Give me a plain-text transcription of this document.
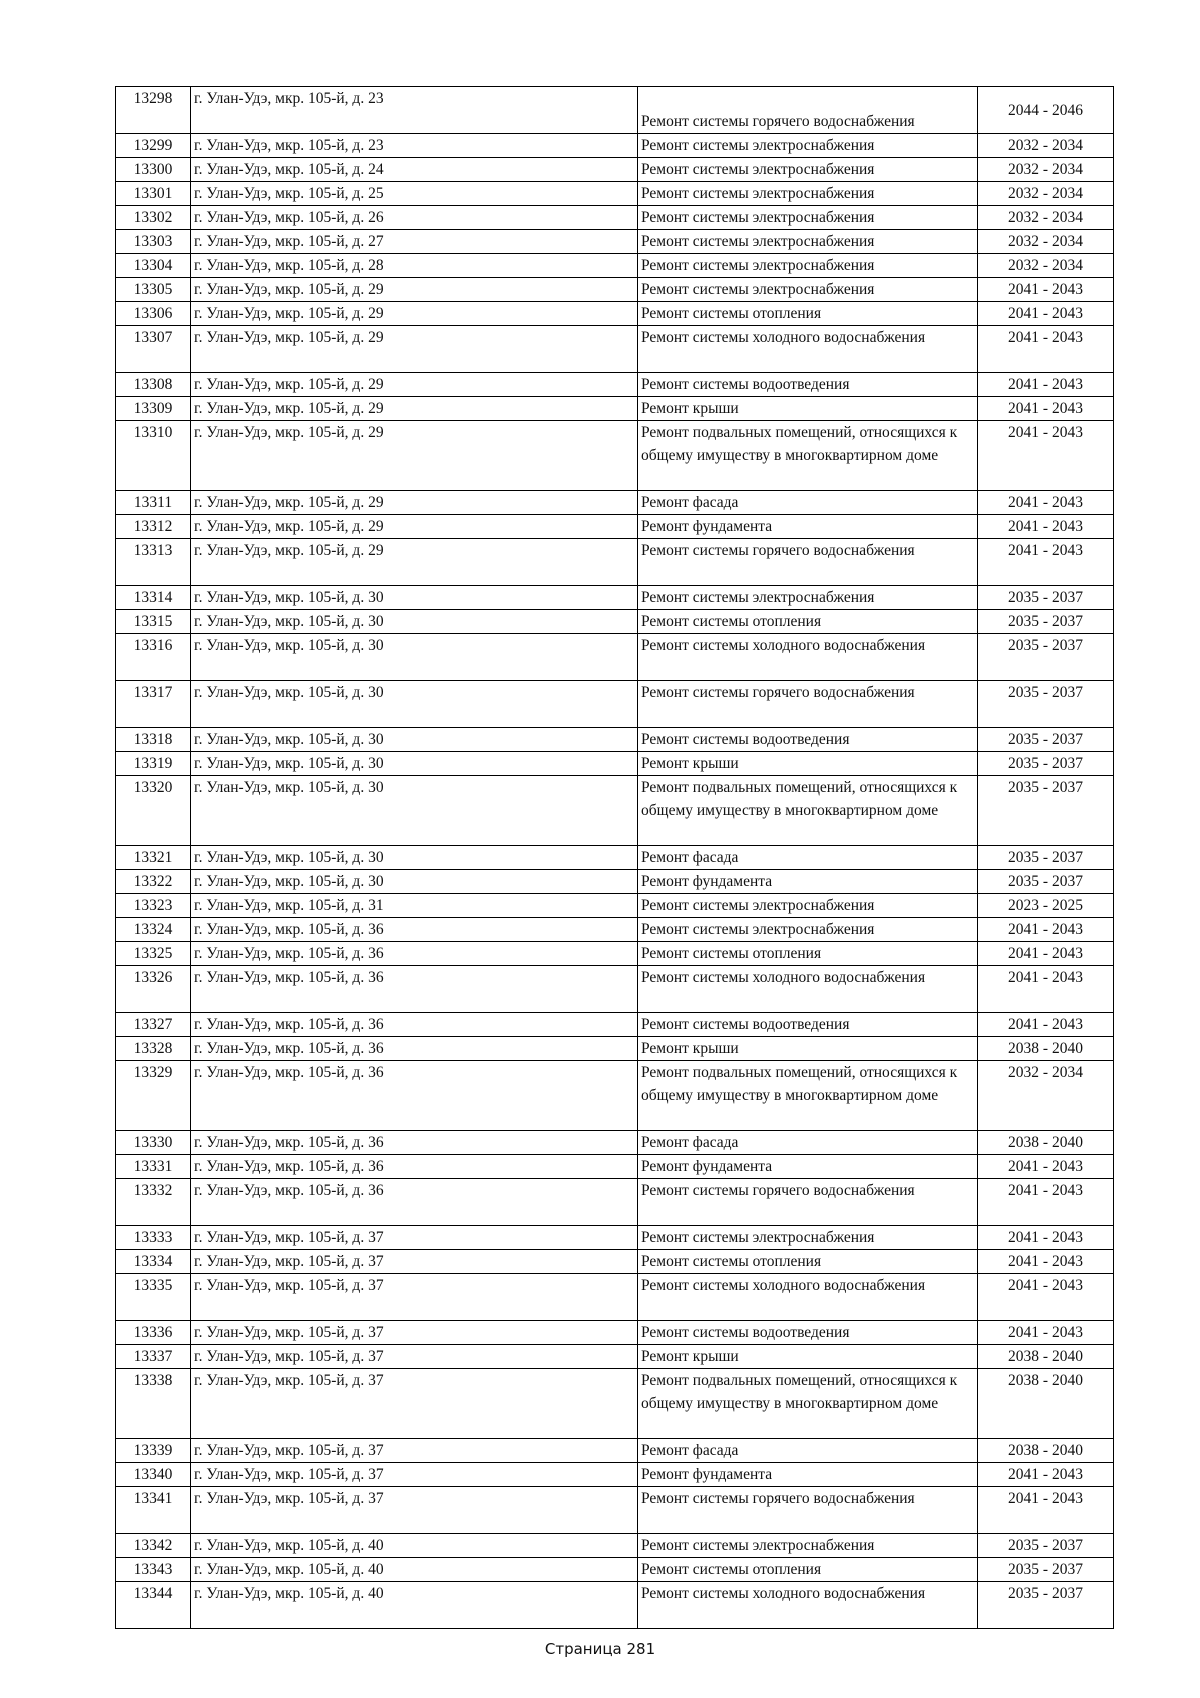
13298	г. Улан-Удэ, мкр. 105-й, д. 23	Ремонт системы горячего водоснабжения	2044 - 2046
13299	г. Улан-Удэ, мкр. 105-й, д. 23	Ремонт системы электроснабжения	2032 - 2034
13300	г. Улан-Удэ, мкр. 105-й, д. 24	Ремонт системы электроснабжения	2032 - 2034
13301	г. Улан-Удэ, мкр. 105-й, д. 25	Ремонт системы электроснабжения	2032 - 2034
13302	г. Улан-Удэ, мкр. 105-й, д. 26	Ремонт системы электроснабжения	2032 - 2034
13303	г. Улан-Удэ, мкр. 105-й, д. 27	Ремонт системы электроснабжения	2032 - 2034
13304	г. Улан-Удэ, мкр. 105-й, д. 28	Ремонт системы электроснабжения	2032 - 2034
13305	г. Улан-Удэ, мкр. 105-й, д. 29	Ремонт системы электроснабжения	2041 - 2043
13306	г. Улан-Удэ, мкр. 105-й, д. 29	Ремонт системы отопления	2041 - 2043
13307	г. Улан-Удэ, мкр. 105-й, д. 29	Ремонт системы холодного водоснабжения	2041 - 2043
13308	г. Улан-Удэ, мкр. 105-й, д. 29	Ремонт системы водоотведения	2041 - 2043
13309	г. Улан-Удэ, мкр. 105-й, д. 29	Ремонт крыши	2041 - 2043
13310	г. Улан-Удэ, мкр. 105-й, д. 29	Ремонт подвальных помещений, относящихся к общему имуществу в многоквартирном доме	2041 - 2043
13311	г. Улан-Удэ, мкр. 105-й, д. 29	Ремонт фасада	2041 - 2043
13312	г. Улан-Удэ, мкр. 105-й, д. 29	Ремонт фундамента	2041 - 2043
13313	г. Улан-Удэ, мкр. 105-й, д. 29	Ремонт системы горячего водоснабжения	2041 - 2043
13314	г. Улан-Удэ, мкр. 105-й, д. 30	Ремонт системы электроснабжения	2035 - 2037
13315	г. Улан-Удэ, мкр. 105-й, д. 30	Ремонт системы отопления	2035 - 2037
13316	г. Улан-Удэ, мкр. 105-й, д. 30	Ремонт системы холодного водоснабжения	2035 - 2037
13317	г. Улан-Удэ, мкр. 105-й, д. 30	Ремонт системы горячего водоснабжения	2035 - 2037
13318	г. Улан-Удэ, мкр. 105-й, д. 30	Ремонт системы водоотведения	2035 - 2037
13319	г. Улан-Удэ, мкр. 105-й, д. 30	Ремонт крыши	2035 - 2037
13320	г. Улан-Удэ, мкр. 105-й, д. 30	Ремонт подвальных помещений, относящихся к общему имуществу в многоквартирном доме	2035 - 2037
13321	г. Улан-Удэ, мкр. 105-й, д. 30	Ремонт фасада	2035 - 2037
13322	г. Улан-Удэ, мкр. 105-й, д. 30	Ремонт фундамента	2035 - 2037
13323	г. Улан-Удэ, мкр. 105-й, д. 31	Ремонт системы электроснабжения	2023 - 2025
13324	г. Улан-Удэ, мкр. 105-й, д. 36	Ремонт системы электроснабжения	2041 - 2043
13325	г. Улан-Удэ, мкр. 105-й, д. 36	Ремонт системы отопления	2041 - 2043
13326	г. Улан-Удэ, мкр. 105-й, д. 36	Ремонт системы холодного водоснабжения	2041 - 2043
13327	г. Улан-Удэ, мкр. 105-й, д. 36	Ремонт системы водоотведения	2041 - 2043
13328	г. Улан-Удэ, мкр. 105-й, д. 36	Ремонт крыши	2038 - 2040
13329	г. Улан-Удэ, мкр. 105-й, д. 36	Ремонт подвальных помещений, относящихся к общему имуществу в многоквартирном доме	2032 - 2034
13330	г. Улан-Удэ, мкр. 105-й, д. 36	Ремонт фасада	2038 - 2040
13331	г. Улан-Удэ, мкр. 105-й, д. 36	Ремонт фундамента	2041 - 2043
13332	г. Улан-Удэ, мкр. 105-й, д. 36	Ремонт системы горячего водоснабжения	2041 - 2043
13333	г. Улан-Удэ, мкр. 105-й, д. 37	Ремонт системы электроснабжения	2041 - 2043
13334	г. Улан-Удэ, мкр. 105-й, д. 37	Ремонт системы отопления	2041 - 2043
13335	г. Улан-Удэ, мкр. 105-й, д. 37	Ремонт системы холодного водоснабжения	2041 - 2043
13336	г. Улан-Удэ, мкр. 105-й, д. 37	Ремонт системы водоотведения	2041 - 2043
13337	г. Улан-Удэ, мкр. 105-й, д. 37	Ремонт крыши	2038 - 2040
13338	г. Улан-Удэ, мкр. 105-й, д. 37	Ремонт подвальных помещений, относящихся к общему имуществу в многоквартирном доме	2038 - 2040
13339	г. Улан-Удэ, мкр. 105-й, д. 37	Ремонт фасада	2038 - 2040
13340	г. Улан-Удэ, мкр. 105-й, д. 37	Ремонт фундамента	2041 - 2043
13341	г. Улан-Удэ, мкр. 105-й, д. 37	Ремонт системы горячего водоснабжения	2041 - 2043
13342	г. Улан-Удэ, мкр. 105-й, д. 40	Ремонт системы электроснабжения	2035 - 2037
13343	г. Улан-Удэ, мкр. 105-й, д. 40	Ремонт системы отопления	2035 - 2037
13344	г. Улан-Удэ, мкр. 105-й, д. 40	Ремонт системы холодного водоснабжения	2035 - 2037
Страница 281
